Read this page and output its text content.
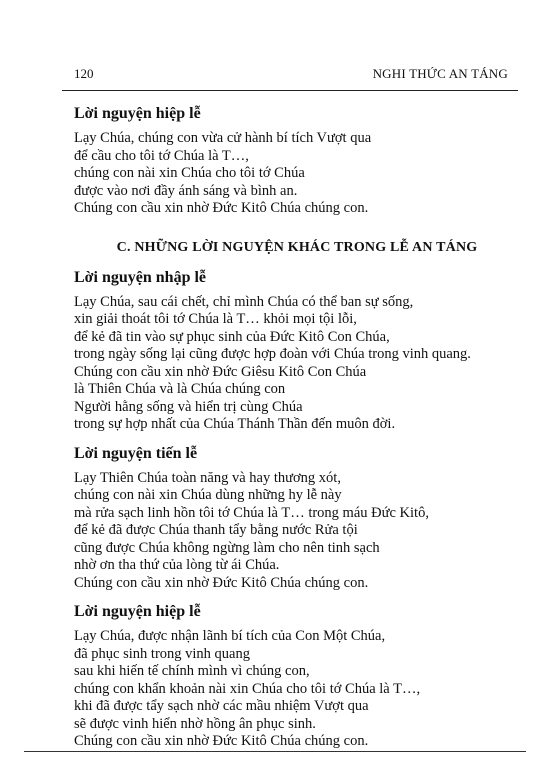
120	NGHI THỨC AN TÁNG
Lời nguyện hiệp lễ
Lạy Chúa, chúng con vừa cử hành bí tích Vượt qua
để cầu cho tôi tớ Chúa là T…,
chúng con nài xin Chúa cho tôi tớ Chúa
được vào nơi đầy ánh sáng và bình an.
Chúng con cầu xin nhờ Đức Kitô Chúa chúng con.
C. NHỮNG LỜI NGUYỆN KHÁC TRONG LỄ AN TÁNG
Lời nguyện nhập lễ
Lạy Chúa, sau cái chết, chỉ mình Chúa có thể ban sự sống,
xin giải thoát tôi tớ Chúa là T… khỏi mọi tội lỗi,
để kẻ đã tin vào sự phục sinh của Đức Kitô Con Chúa,
trong ngày sống lại cũng được hợp đoàn với Chúa trong vinh quang.
Chúng con cầu xin nhờ Đức Giêsu Kitô Con Chúa
là Thiên Chúa và là Chúa chúng con
Người hằng sống và hiển trị cùng Chúa
trong sự hợp nhất của Chúa Thánh Thần đến muôn đời.
Lời nguyện tiến lễ
Lạy Thiên Chúa toàn năng và hay thương xót,
chúng con nài xin Chúa dùng những hy lễ này
mà rửa sạch linh hồn tôi tớ Chúa là T… trong máu Đức Kitô,
để kẻ đã được Chúa thanh tẩy bằng nước Rửa tội
cũng được Chúa không ngừng làm cho nên tinh sạch
nhờ ơn tha thứ của lòng từ ái Chúa.
Chúng con cầu xin nhờ Đức Kitô Chúa chúng con.
Lời nguyện hiệp lễ
Lạy Chúa, được nhận lãnh bí tích của Con Một Chúa,
đã phục sinh trong vinh quang
sau khi hiến tế chính mình vì chúng con,
chúng con khẩn khoản nài xin Chúa cho tôi tớ Chúa là T…,
khi đã được tẩy sạch nhờ các mầu nhiệm Vượt qua
sẽ được vinh hiển nhờ hồng ân phục sinh.
Chúng con cầu xin nhờ Đức Kitô Chúa chúng con.
